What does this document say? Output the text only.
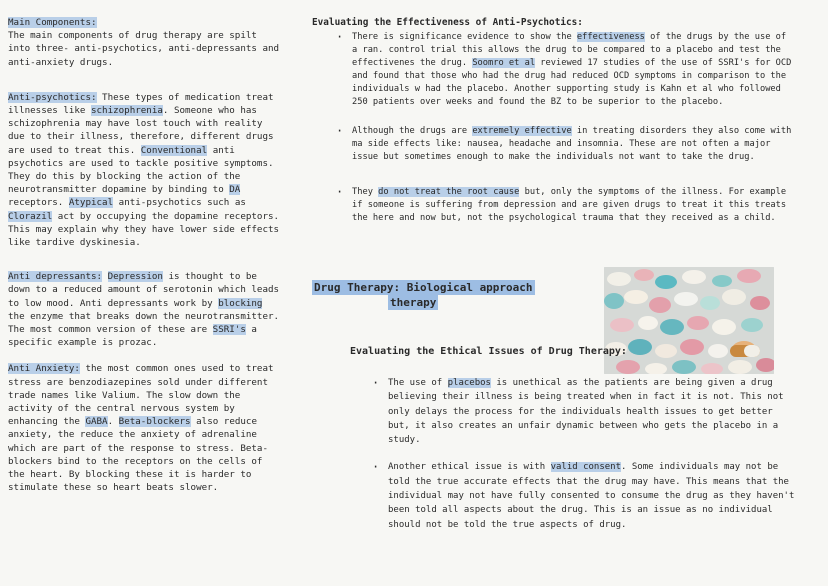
Main Components:
The main components of drug therapy are spilt into three- anti-psychotics, anti-depressants and anti-anxiety drugs.

Anti-psychotics: These types of medication treat illnesses like schizophrenia. Someone who has schizophrenia may have lost touch with reality due to their illness, therefore, different drugs are used to treat this. Conventional anti psychotics are used to tackle positive symptoms. They do this by blocking the action of the neurotransmitter dopamine by binding to DA receptors. Atypical anti-psychotics such as Clorazil act by occupying the dopamine receptors. This may explain why they have lower side effects like tardive dyskinesia.

Anti depressants: Depression is thought to be down to a reduced amount of serotonin which leads to low mood. Anti depressants work by blocking the enzyme that breaks down the neurotransmitter. The most common version of these are SSRI's a specific example is prozac.

Anti Anxiety: the most common ones used to treat stress are benzodiazepines sold under different trade names like Valium. The slow down the activity of the central nervous system by enhancing the GABA. Beta-blockers also reduce anxiety, the reduce the anxiety of adrenaline which are part of the response to stress. Beta-blockers bind to the receptors on the cells of the heart. By blocking these it is harder to stimulate these so heart beats slower.

Evaluating the Effectiveness of Anti-Psychotics:

· There is significance evidence to show the effectiveness of the drugs by the use of a ran. control trial this allows the drug to be compared to a placebo and test the effectivenes the drug. Soomro et al reviewed 17 studies of the use of SSRI's for OCD and found that those who had the drug had reduced OCD symptoms in comparison to the individuals w had the placebo. Another supporting study is Kahn et al who followed 250 patients over weeks and found the BZ to be superior to the placebo.
· Although the drugs are extremely effective in treating disorders they also come with ma side effects like: nausea, headache and insomnia. These are not often a major issue but sometimes enough to make the individuals not want to take the drug.
· They do not treat the root cause but, only the symptoms of the illness. For example if someone is suffering from depression and are given drugs to treat it this treats the here and now but, not the psychological trauma that they received as a child.
Drug Therapy: Biological approach
therapy
Evaluating the Ethical Issues of Drug Therapy:
· The use of placebos is unethical as the patients are being given a drug believing their illness is being treated when in fact it is not. This not only delays the process for the individuals health issues to get better but, it also creates an unfair dynamic between who gets the placebo in a study.
· Another ethical issue is with valid consent. Some individuals may not be told the true accurate effects that the drug may have. This means that the individual may not have fully consented to consume the drug as they haven't been told all aspects about the drug. This is an issue as no individual should not be told the true aspects of drug.
